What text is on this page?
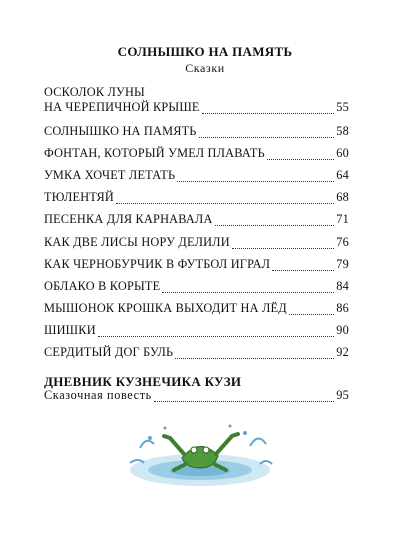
СОЛНЫШКО НА ПАМЯТЬ
Сказки
ОСКОЛОК ЛУНЫ
НА ЧЕРЕПИЧНОЙ КРЫШЕ	55
СОЛНЫШКО НА ПАМЯТЬ	58
ФОНТАН, КОТОРЫЙ УМЕЛ ПЛАВАТЬ	60
УМКА ХОЧЕТ ЛЕТАТЬ	64
ТЮЛЕНТЯЙ	68
ПЕСЕНКА ДЛЯ КАРНАВАЛА	71
КАК ДВЕ ЛИСЫ НОРУ ДЕЛИЛИ	76
КАК ЧЕРНОБУРЧИК В ФУТБОЛ ИГРАЛ	79
ОБЛАКО В КОРЫТЕ	84
МЫШОНОК КРОШКА ВЫХОДИТ НА ЛЁД	86
ШИШКИ	90
СЕРДИТЫЙ ДОГ БУЛЬ	92
ДНЕВНИК КУЗНЕЧИКА КУЗИ
Сказочная повесть	95
